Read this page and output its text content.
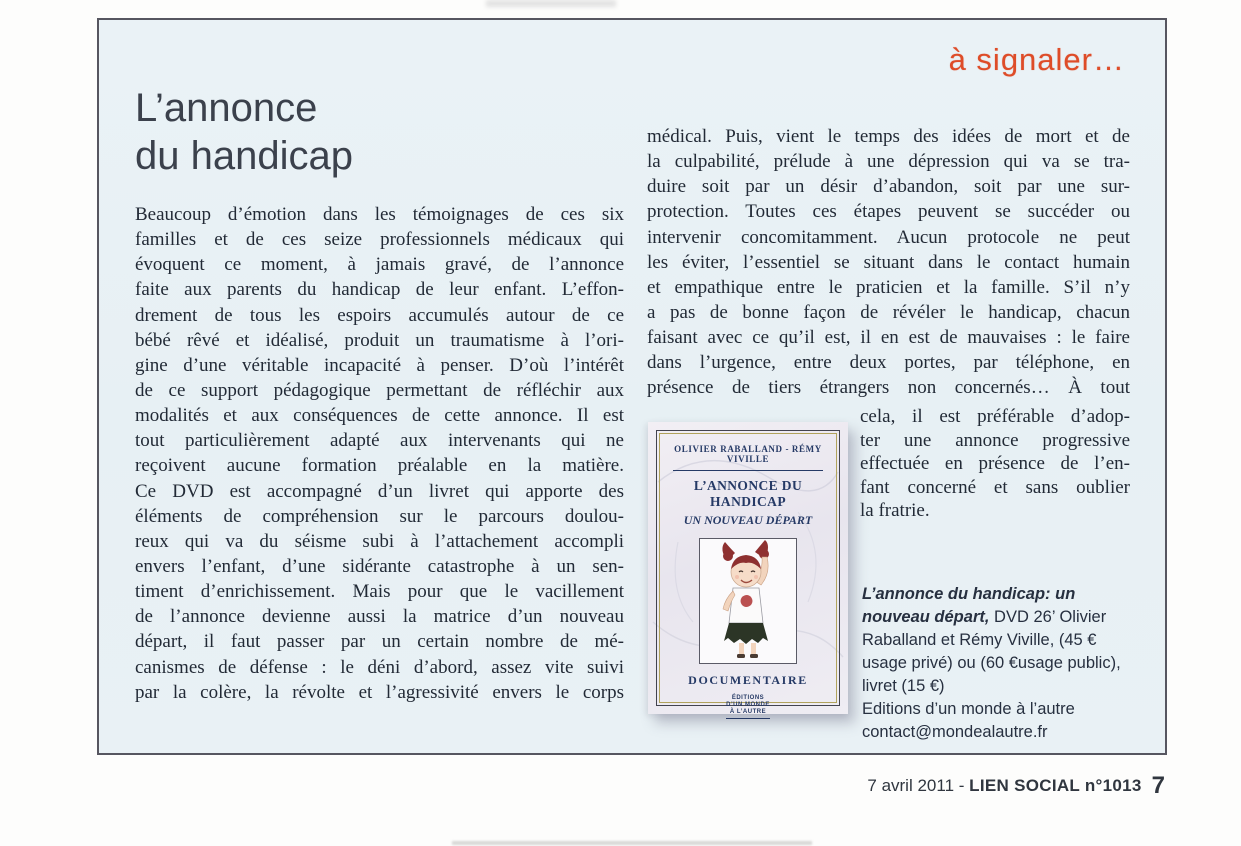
à signaler…
L’annonce
du handicap
Beaucoup d’émotion dans les témoignages de ces six
familles et de ces seize professionnels médicaux qui
évoquent ce moment, à jamais gravé, de l’annonce
faite aux parents du handicap de leur enfant. L’effon-
drement de tous les espoirs accumulés autour de ce
bébé rêvé et idéalisé, produit un traumatisme à l’ori-
gine d’une véritable incapacité à penser. D’où l’intérêt
de ce support pédagogique permettant de réfléchir aux
modalités et aux conséquences de cette annonce. Il est
tout particulièrement adapté aux intervenants qui ne
reçoivent aucune formation préalable en la matière.
Ce DVD est accompagné d’un livret qui apporte des
éléments de compréhension sur le parcours doulou-
reux qui va du séisme subi à l’attachement accompli
envers l’enfant, d’une sidérante catastrophe à un sen-
timent d’enrichissement. Mais pour que le vacillement
de l’annonce devienne aussi la matrice d’un nouveau
départ, il faut passer par un certain nombre de mé-
canismes de défense : le déni d’abord, assez vite suivi
par la colère, la révolte et l’agressivité envers le corps
médical. Puis, vient le temps des idées de mort et de
la culpabilité, prélude à une dépression qui va se tra-
duire soit par un désir d’abandon, soit par une sur-
protection. Toutes ces étapes peuvent se succéder ou
intervenir concomitamment. Aucun protocole ne peut
les éviter, l’essentiel se situant dans le contact humain
et empathique entre le praticien et la famille. S’il n’y
a pas de bonne façon de révéler le handicap, chacun
faisant avec ce qu’il est, il en est de mauvaises : le faire
dans l’urgence, entre deux portes, par téléphone, en
présence de tiers étrangers non concernés… À tout
cela, il est préférable d’adop-
ter une annonce progressive
effectuée en présence de l’en-
fant concerné et sans oublier
la fratrie.
OLIVIER RABALLAND - RÉMY VIVILLE
L’ANNONCE DU HANDICAP
UN NOUVEAU DÉPART
DOCUMENTAIRE
ÉDITIONS
D’UN MONDE
À L’AUTRE

L’annonce du handicap: un nouveau départ, DVD 26’ Olivier Raballand et Rémy Viville, (45 € usage privé) ou (60 €usage public), livret (15 €)

Editions d’un monde à l’autre

contact@mondealautre.fr

7 avril 2011 - LIEN SOCIAL n°1013 7
